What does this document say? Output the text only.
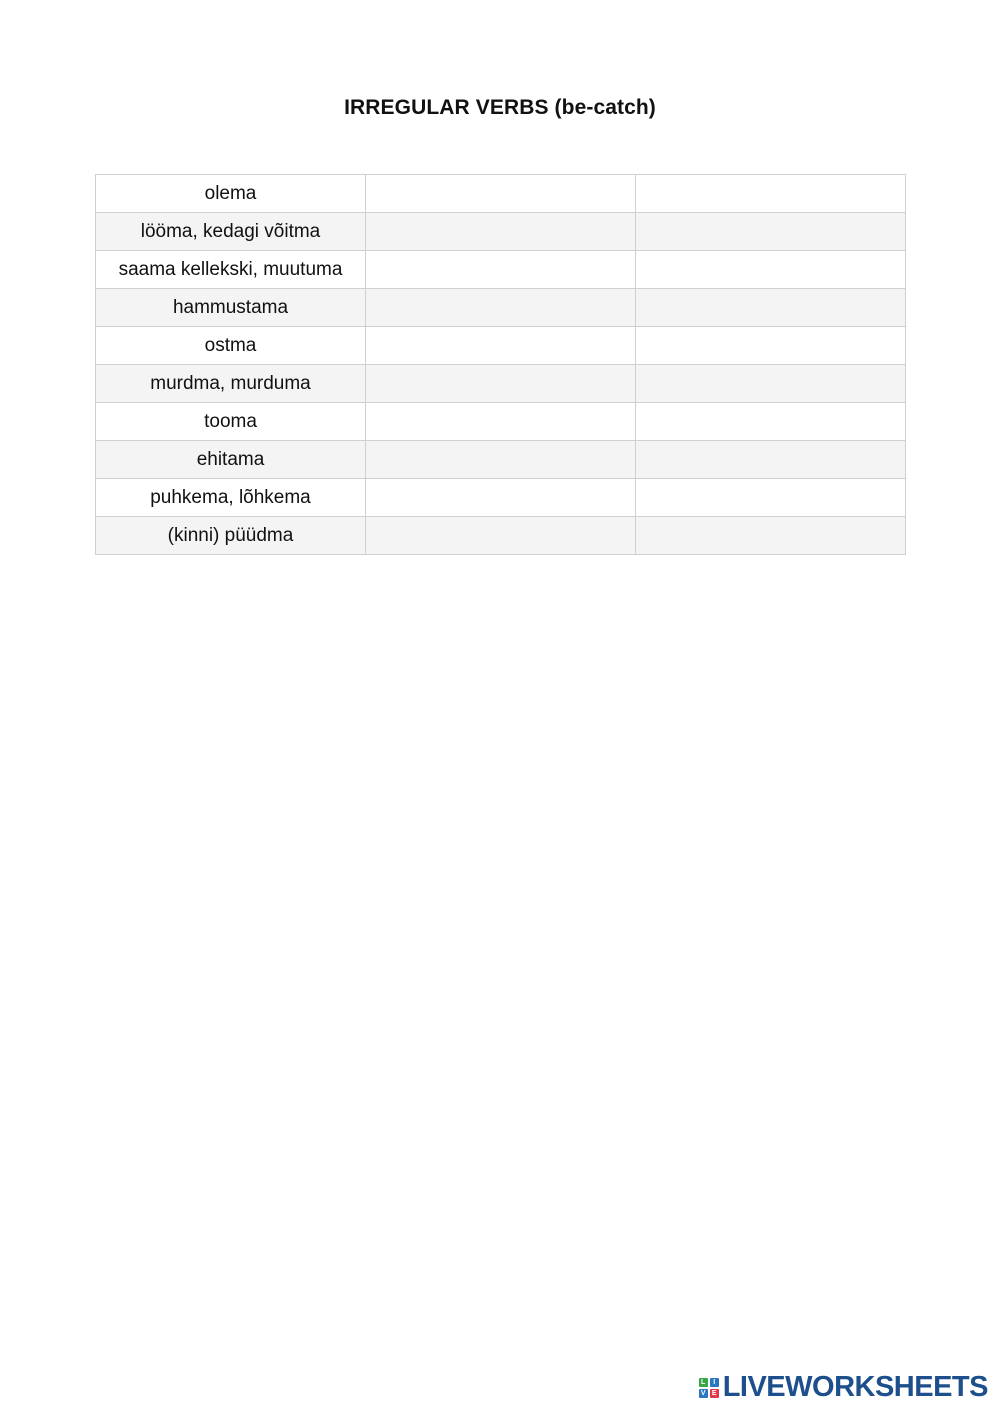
IRREGULAR VERBS (be-catch)
olema		
lööma, kedagi võitma		
saama kellekski, muutuma		
hammustama		
ostma		
murdma, murduma		
tooma		
ehitama		
puhkema, lõhkema		
(kinni) püüdma		
L	I
V E LIVEWORKSHEETS
